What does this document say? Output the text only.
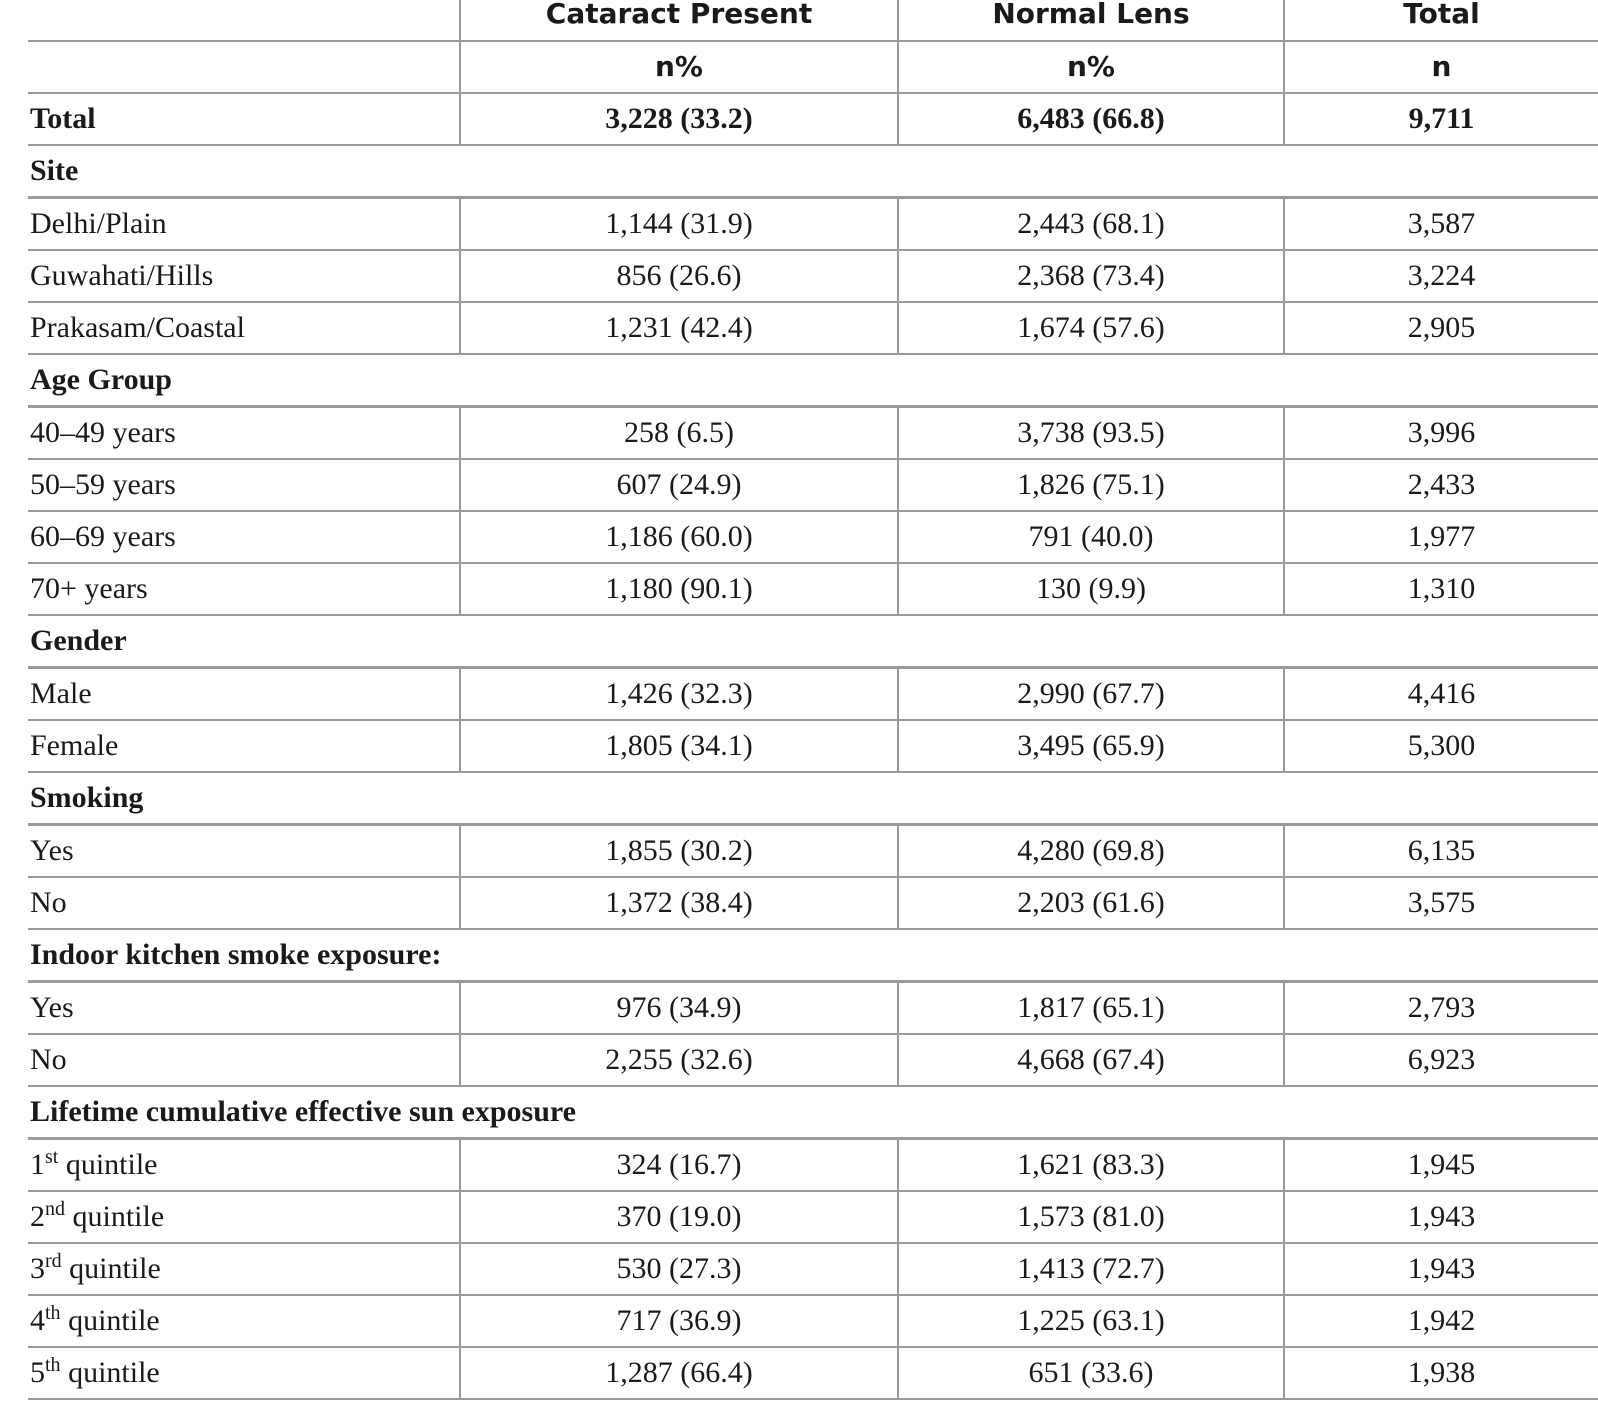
	Cataract Present	Normal Lens	Total
	n%	n%	n
Total	3,228 (33.2)	6,483 (66.8)	9,711
Site			
Delhi/Plain	1,144 (31.9)	2,443 (68.1)	3,587
Guwahati/Hills	856 (26.6)	2,368 (73.4)	3,224
Prakasam/Coastal	1,231 (42.4)	1,674 (57.6)	2,905
Age Group			
40–49 years	258 (6.5)	3,738 (93.5)	3,996
50–59 years	607 (24.9)	1,826 (75.1)	2,433
60–69 years	1,186 (60.0)	791 (40.0)	1,977
70+ years	1,180 (90.1)	130 (9.9)	1,310
Gender			
Male	1,426 (32.3)	2,990 (67.7)	4,416
Female	1,805 (34.1)	3,495 (65.9)	5,300
Smoking			
Yes	1,855 (30.2)	4,280 (69.8)	6,135
No	1,372 (38.4)	2,203 (61.6)	3,575
Indoor kitchen smoke exposure:			
Yes	976 (34.9)	1,817 (65.1)	2,793
No	2,255 (32.6)	4,668 (67.4)	6,923
Lifetime cumulative effective sun exposure			
1st quintile	324 (16.7)	1,621 (83.3)	1,945
2nd quintile	370 (19.0)	1,573 (81.0)	1,943
3rd quintile	530 (27.3)	1,413 (72.7)	1,943
4th quintile	717 (36.9)	1,225 (63.1)	1,942
5th quintile	1,287 (66.4)	651 (33.6)	1,938
